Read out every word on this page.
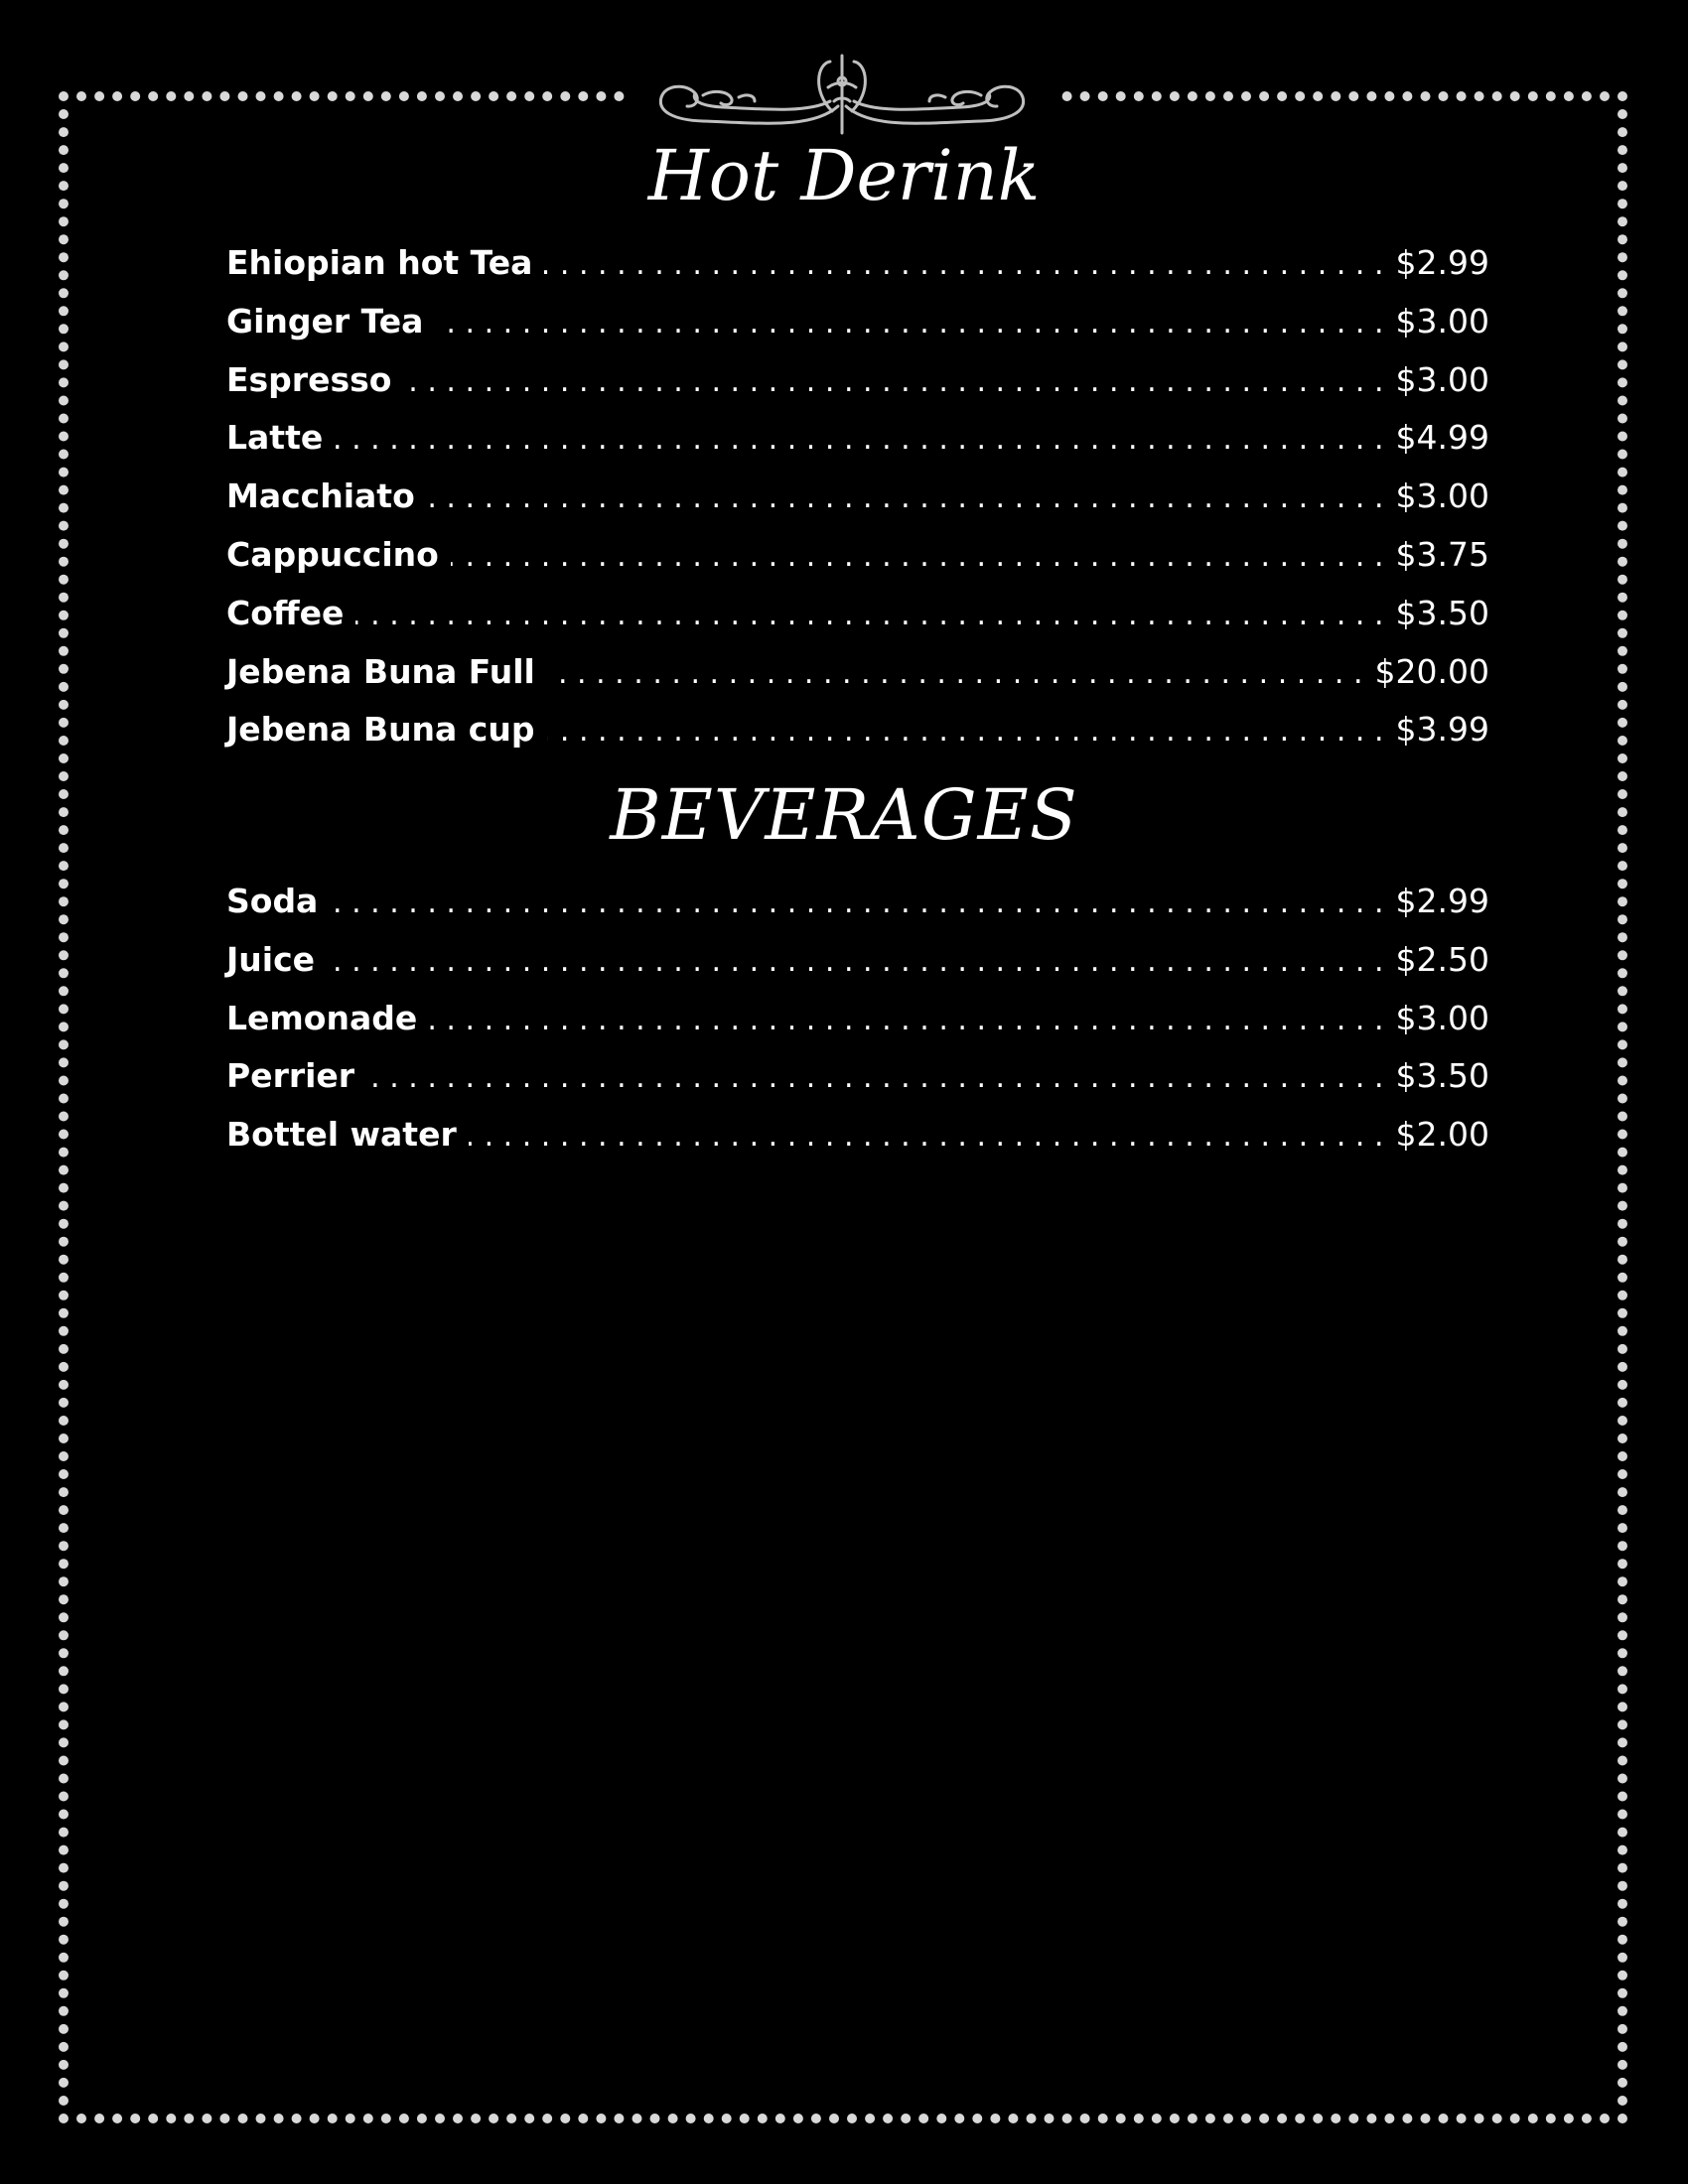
Hot Derink
Ehiopian hot Tea . . .	$2.99
Ginger Tea . . .	$3.00
Espresso . . .	$3.00
Latte . . .	$4.99
Macchiato . . .	$3.00
Cappuccino . . .	$3.75
Coffee . . .	$3.50
Jebena Buna Full . . .	$20.00
Jebena Buna cup . . .	$3.99
BEVERAGES
Soda . . .	$2.99
Juice . . .	$2.50
Lemonade . . .	$3.00
Perrier . . .	$3.50
Bottel water . . .	$2.00
